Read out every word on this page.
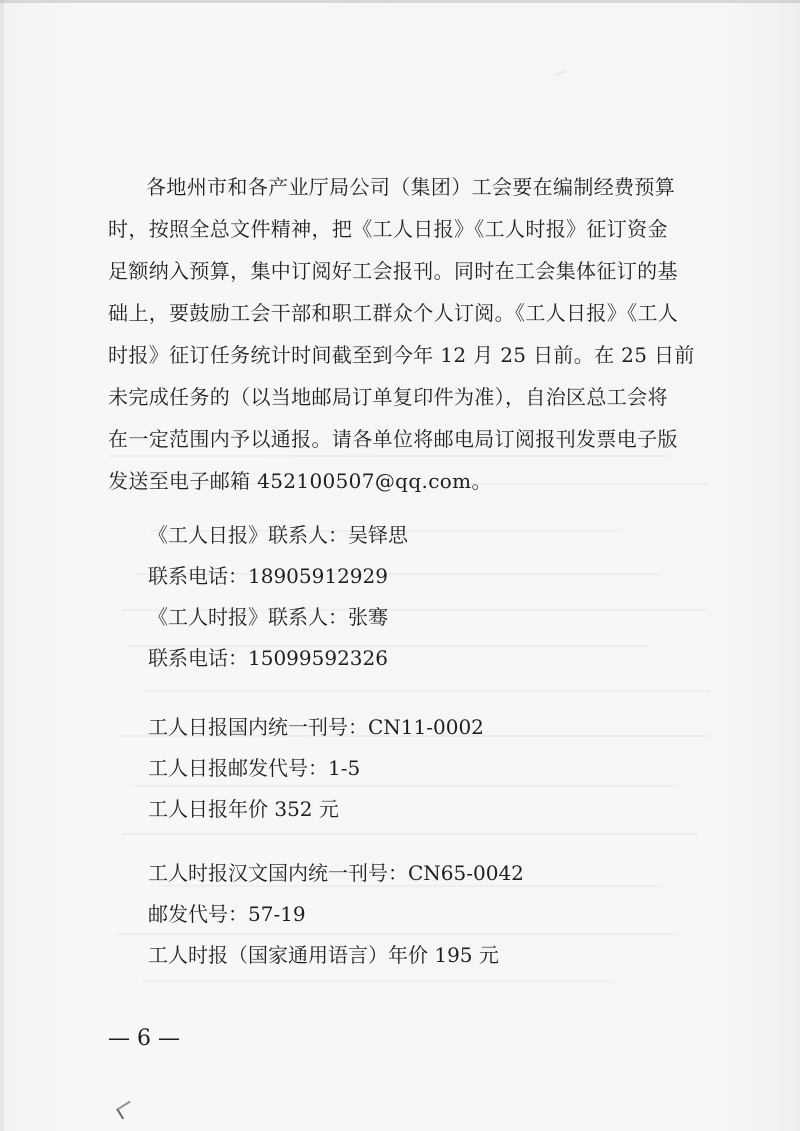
各地州市和各产业厅局公司（集团）工会要在编制经费预算
时，按照全总文件精神，把《工人日报》《工人时报》征订资金
足额纳入预算，集中订阅好工会报刊。同时在工会集体征订的基
础上，要鼓励工会干部和职工群众个人订阅。《工人日报》《工人
时报》征订任务统计时间截至到今年 12 月 25 日前。在 25 日前
未完成任务的（以当地邮局订单复印件为准），自治区总工会将
在一定范围内予以通报。请各单位将邮电局订阅报刊发票电子版
发送至电子邮箱 452100507@qq.com。
《工人日报》联系人：吴铎思
联系电话：18905912929
《工人时报》联系人：张骞
联系电话：15099592326
工人日报国内统一刊号：CN11-0002
工人日报邮发代号：1-5
工人日报年价 352 元
工人时报汉文国内统一刊号：CN65-0042
邮发代号：57-19
工人时报（国家通用语言）年价 195 元
— 6 —
